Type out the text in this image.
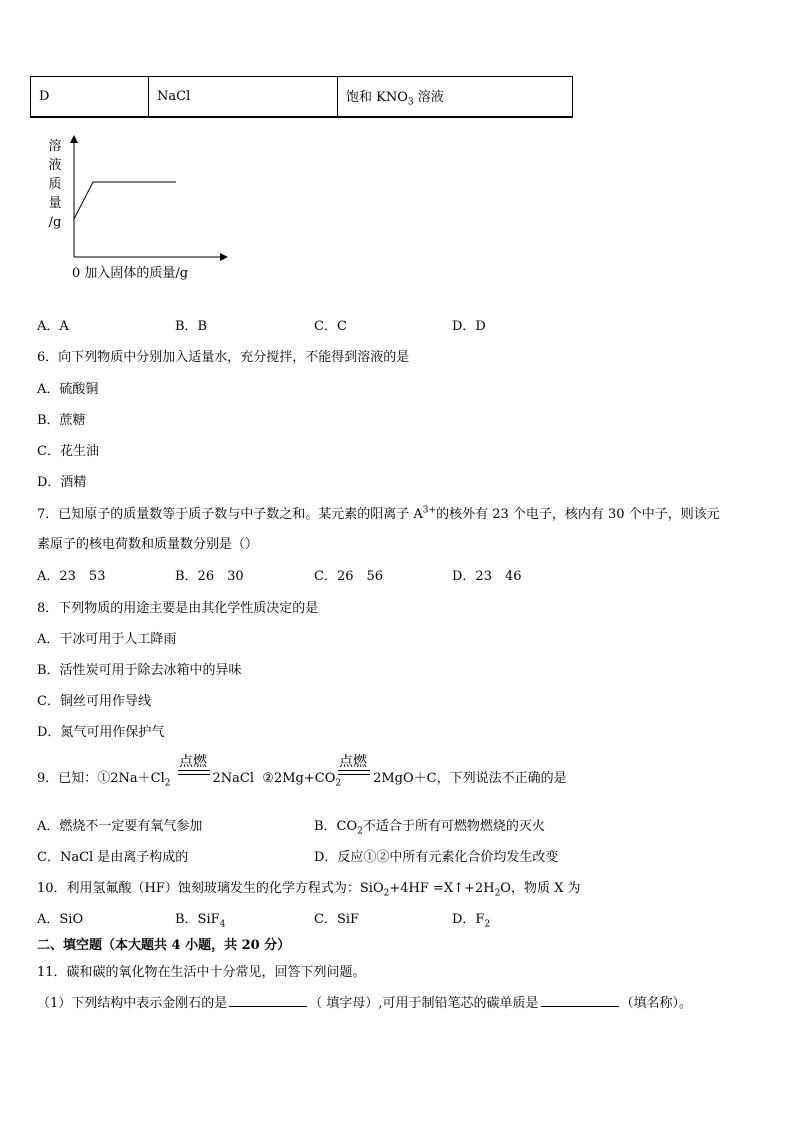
D	NaCl	饱和 $KNO_3$ 溶液
溶
液
质
量
/g
0 加入固体的质量/g
A．A	B．B	C．C	D．D
6．向下列物质中分别加入适量水，充分搅拌，不能得到溶液的是
A．硫酸铜
B．蔗糖
C．花生油
D．酒精
7．已知原子的质量数等于质子数与中子数之和。某元素的阳离子 $A^{3+}$的核外有 23 个电子，核内有 30 个中子，则该元
素原子的核电荷数和质量数分别是（）
A．23　53	B．26　30	C．26　56	D．23　46
8．下列物质的用途主要是由其化学性质决定的是
A．干冰可用于人工降雨
B．活性炭可用于除去冰箱中的异味
C．铜丝可用作导线
D．氮气可用作保护气
9．已知：$①2Na+Cl_2$	2NaCl $②2Mg+CO_2$ 2MgO＋C，下列说法不正确的是
点燃	点燃
A．燃烧不一定要有氧气参加	B．$CO_2$不适合于所有可燃物燃烧的灭火
C．NaCl 是由离子构成的	D．反应①②中所有元素化合价均发生改变
10．利用氢氟酸（HF）蚀刻玻璃发生的化学方程式为：$SiO_2+4HF =X↑+2H_2O$，物质 X 为
A．SiO	B．SiF$_4$	C．SiF	D．$F_2$
二、填空题（本大题共 4 小题，共 20 分）
11．碳和碳的氧化物在生活中十分常见，回答下列问题。
（1）下列结构中表示金刚石的是	（ 填字母）,可用于制铅笔芯的碳单质是	（填名称）。
